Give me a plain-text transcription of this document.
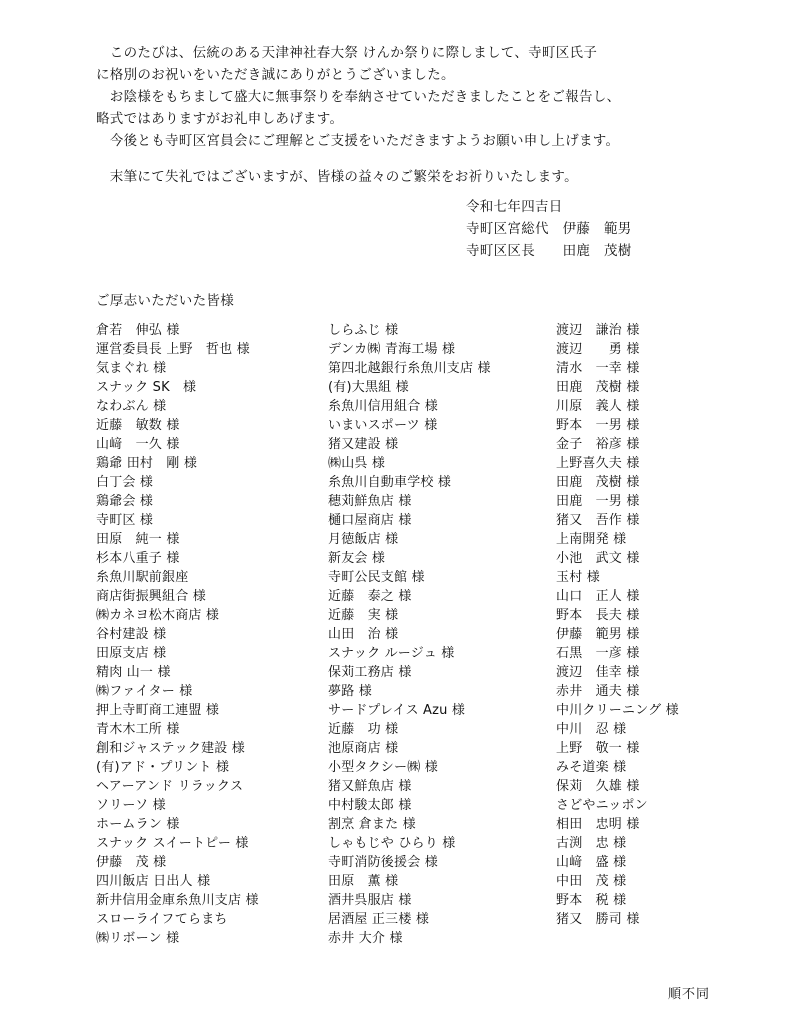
　このたびは、伝統のある天津神社春大祭 けんか祭りに際しまして、寺町区氏子

に格別のお祝いをいただき誠にありがとうございました。

　お陰様をもちまして盛大に無事祭りを奉納させていただきましたことをご報告し、

略式ではありますがお礼申しあげます。

　今後とも寺町区宮員会にご理解とご支援をいただきますようお願い申し上げます。

　末筆にて失礼ではございますが、皆様の益々のご繁栄をお祈りいたします。

令和七年四吉日
寺町区宮総代　伊藤　範男
寺町区区長　　田鹿　茂樹
ご厚志いただいた皆様
倉若　伸弘 様
運営委員長 上野　哲也 様
気まぐれ 様
スナック SK　様
なわぶん 様
近藤　敏数 様
山﨑　一久 様
鶏爺 田村　剛 様
白丁会 様
鶏爺会 様
寺町区 様
田原　純一 様
杉本八重子 様
糸魚川駅前銀座
商店街振興組合 様
㈱カネヨ松木商店 様
谷村建設 様
田原支店 様
精肉 山一 様
㈱ファイター 様
押上寺町商工連盟 様
青木木工所 様
創和ジャステック建設 様
(有)アド・プリント 様
ヘアーアンド リラックス
ソリーソ 様
ホームラン 様
スナック スイートピー 様
伊藤　茂 様
四川飯店 日出人 様
新井信用金庫糸魚川支店 様
スローライフてらまち
㈱リボーン 様
しらふじ 様
デンカ㈱ 青海工場 様
第四北越銀行糸魚川支店 様
(有)大黒組 様
糸魚川信用組合 様
いまいスポーツ 様
猪又建設 様
㈱山呉 様
糸魚川自動車学校 様
穂苅鮮魚店 様
樋口屋商店 様
月徳飯店 様
新友会 様
寺町公民支館 様
近藤　泰之 様
近藤　実 様
山田　治 様
スナック ルージュ 様
保苅工務店 様
夢路 様
サードプレイス Azu 様
近藤　功 様
池原商店 様
小型タクシー㈱ 様
猪又鮮魚店 様
中村駿太郎 様
割烹 倉また 様
しゃもじや ひらり 様
寺町消防後援会 様
田原　薫 様
酒井呉服店 様
居酒屋 正三楼 様
赤井 大介 様
渡辺　謙治 様
渡辺　　勇 様
清水　一幸 様
田鹿　茂樹 様
川原　義人 様
野本　一男 様
金子　裕彦 様
上野喜久夫 様
田鹿　茂樹 様
田鹿　一男 様
猪又　吾作 様
上南開発 様
小池　武文 様
玉村 様
山口　正人 様
野本　長夫 様
伊藤　範男 様
石黒　一彦 様
渡辺　佳幸 様
赤井　通夫 様
中川クリーニング 様
中川　忍 様
上野　敬一 様
みそ道楽 様
保苅　久雄 様
さどやニッポン
相田　忠明 様
古渕　忠 様
山﨑　盛 様
中田　茂 様
野本　税 様
猪又　勝司 様
順不同
